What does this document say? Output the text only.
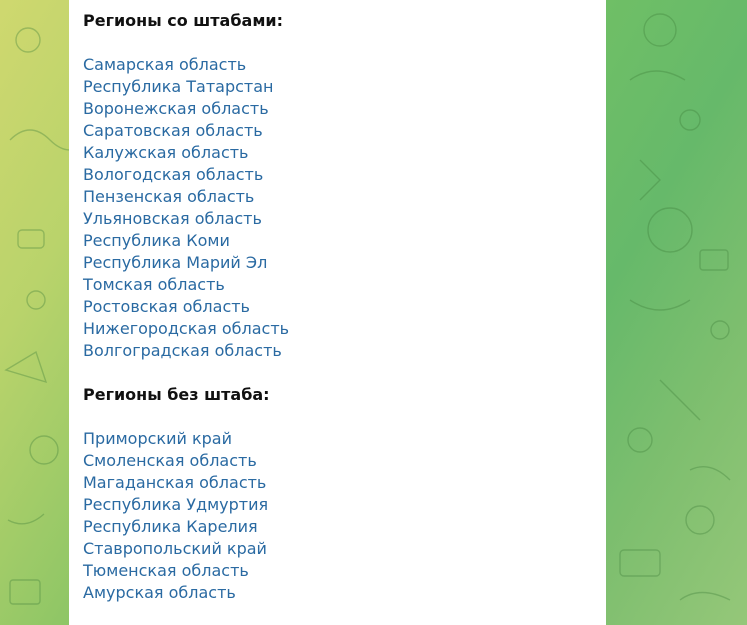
Регионы со штабами:
Самарская область
Республика Татарстан
Воронежская область
Саратовская область
Калужская область
Вологодская область
Пензенская область
Ульяновская область
Республика Коми
Республика Марий Эл
Томская область
Ростовская область
Нижегородская область
Волгоградская область
Регионы без штаба:
Приморский край
Смоленская область
Магаданская область
Республика Удмуртия
Республика Карелия
Ставропольский край
Тюменская область
Амурская область
